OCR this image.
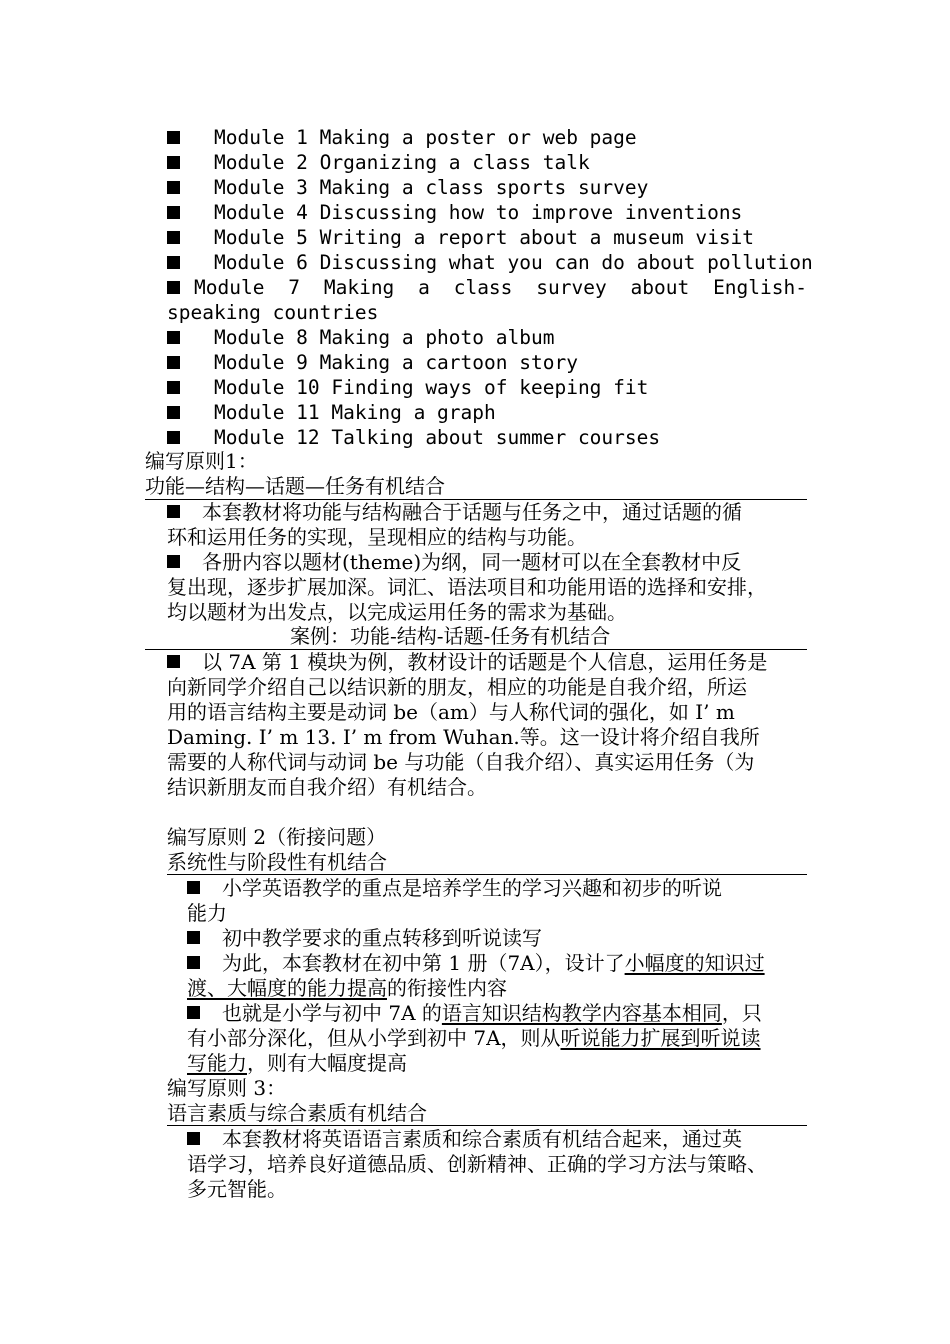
Module 1 Making a poster or web page
Module 2 Organizing a class talk
Module 3 Making a class sports survey
Module 4 Discussing how to improve inventions
Module 5 Writing a report about a museum visit
Module 6 Discussing what you can do about pollution
Module 7 Making a class survey about English-
speaking countries
Module 8 Making a photo album
Module 9 Making a cartoon story
Module 10 Finding ways of keeping fit
Module 11 Making a graph
Module 12 Talking about summer courses
编写原则1：
功能—结构—话题—任务有机结合
本套教材将功能与结构融合于话题与任务之中，通过话题的循
环和运用任务的实现，呈现相应的结构与功能。
各册内容以题材(theme)为纲，同一题材可以在全套教材中反
复出现，逐步扩展加深。词汇、语法项目和功能用语的选择和安排，
均以题材为出发点，以完成运用任务的需求为基础。
案例：功能-结构-话题-任务有机结合
以 7A 第 1 模块为例，教材设计的话题是个人信息，运用任务是
向新同学介绍自己以结识新的朋友，相应的功能是自我介绍，所运
用的语言结构主要是动词 be（am）与人称代词的强化，如 I’ m
Daming. I’ m 13. I’ m from Wuhan.等。这一设计将介绍自我所
需要的人称代词与动词 be 与功能（自我介绍）、真实运用任务（为
结识新朋友而自我介绍）有机结合。
编写原则 2（衔接问题）
系统性与阶段性有机结合
小学英语教学的重点是培养学生的学习兴趣和初步的听说
能力
初中教学要求的重点转移到听说读写
为此，本套教材在初中第 1 册（7A），设计了小幅度的知识过
渡、大幅度的能力提高的衔接性内容
也就是小学与初中 7A 的语言知识结构教学内容基本相同，只
有小部分深化，但从小学到初中 7A，则从听说能力扩展到听说读
写能力，则有大幅度提高
编写原则 3：
语言素质与综合素质有机结合
本套教材将英语语言素质和综合素质有机结合起来，通过英
语学习，培养良好道德品质、创新精神、正确的学习方法与策略、
多元智能。
